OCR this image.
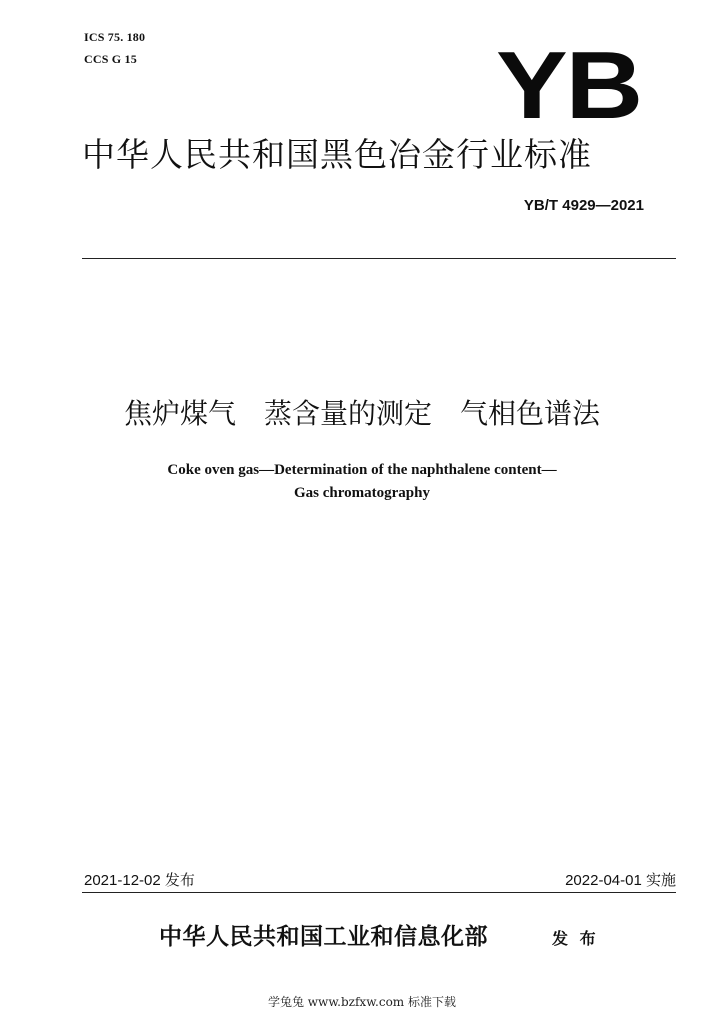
ICS 75. 180
CCS G 15	YB
中华人民共和国黑色冶金行业标准
YB/T 4929—2021
焦炉煤气　蒸含量的测定　气相色谱法
Coke oven gas—Determination of the naphthalene content—
Gas chromatography
2021-12-02 发布	2022-04-01 实施
中华人民共和国工业和信息化部	发 布
学兔兔 www.bzfxw.com 标准下载
